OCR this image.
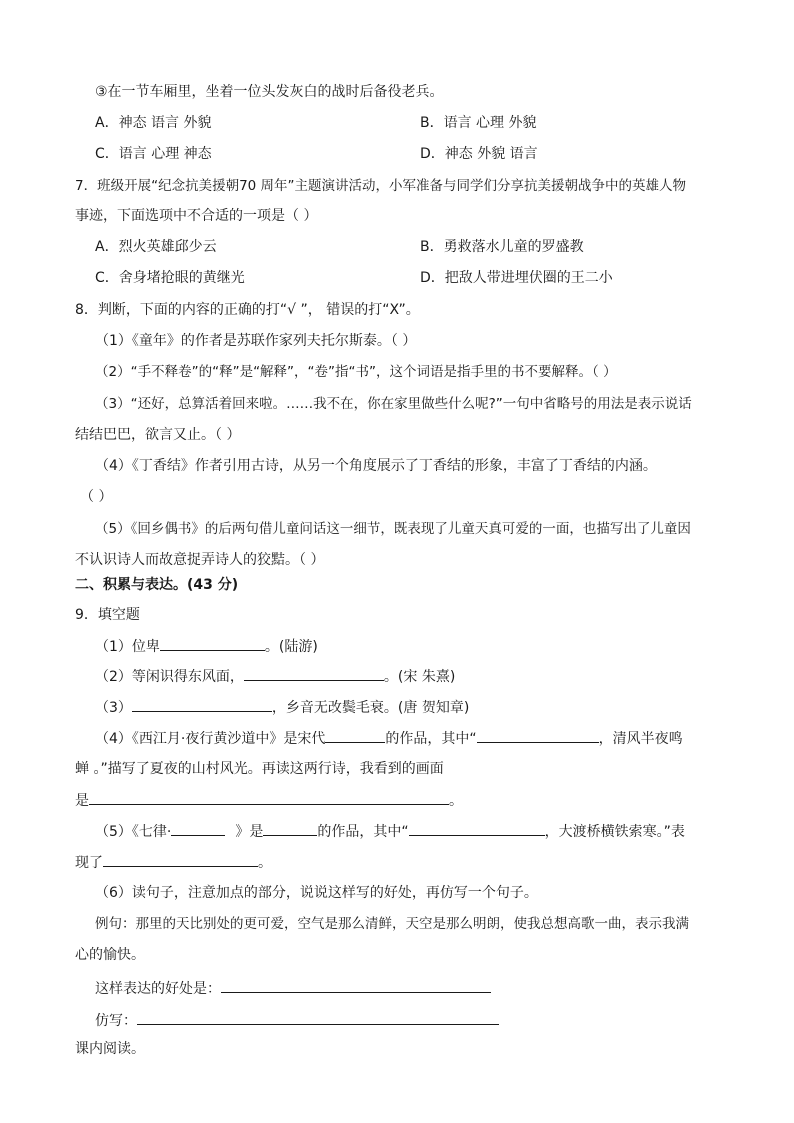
③在一节车厢里，坐着一位头发灰白的战时后备役老兵。
A．神态 语言 外貌	B．语言 心理 外貌
C．语言 心理 神态	D．神态 外貌 语言
7．班级开展“纪念抗美援朝70 周年”主题演讲活动，小军准备与同学们分享抗美援朝战争中的英雄人物
事迹，下面选项中不合适的一项是（ ）
A．烈火英雄邱少云	B．勇救落水儿童的罗盛教
C．舍身堵抢眼的黄继光	D．把敌人带进埋伏圈的王二小
8．判断，下面的内容的正确的打“√ ”， 错误的打“X”。
（1）《童年》的作者是苏联作家列夫托尔斯泰。（ ）
（2）“手不释卷”的“释”是“解释”，“卷”指“书”，这个词语是指手里的书不要解释。（ ）
（3）“还好，总算活着回来啦。……我不在，你在家里做些什么呢?”一句中省略号的用法是表示说话
结结巴巴，欲言又止。（ ）
（4）《丁香结》作者引用古诗，从另一个角度展示了丁香结的形象，丰富了丁香结的内涵。
（ ）
（5）《回乡偶书》的后两句借儿童问话这一细节，既表现了儿童天真可爱的一面，也描写出了儿童因
不认识诗人而故意捉弄诗人的狡黠。（ ）
二、积累与表达。(43 分)
9．填空题
（1）位卑	。(陆游)
（2）等闲识得东风面，	。(宋 朱熹)
（3）	，乡音无改鬓毛衰。(唐 贺知章)
（4）《西江月·夜行黄沙道中》是宋代	的作品，其中“	，清风半夜鸣
蝉 。”描写了夏夜的山村风光。再读这两行诗，我看到的画面
是	。
（5）《七律·	》是	的作品，其中“	，大渡桥横铁索寒。”表
现了	。
（6）读句子，注意加点的部分，说说这样写的好处，再仿写一个句子。
例句：那里的天比别处的更可爱，空气是那么清鲜，天空是那么明朗，使我总想高歌一曲，表示我满
心的愉快。
这样表达的好处是：
仿写：
课内阅读。
